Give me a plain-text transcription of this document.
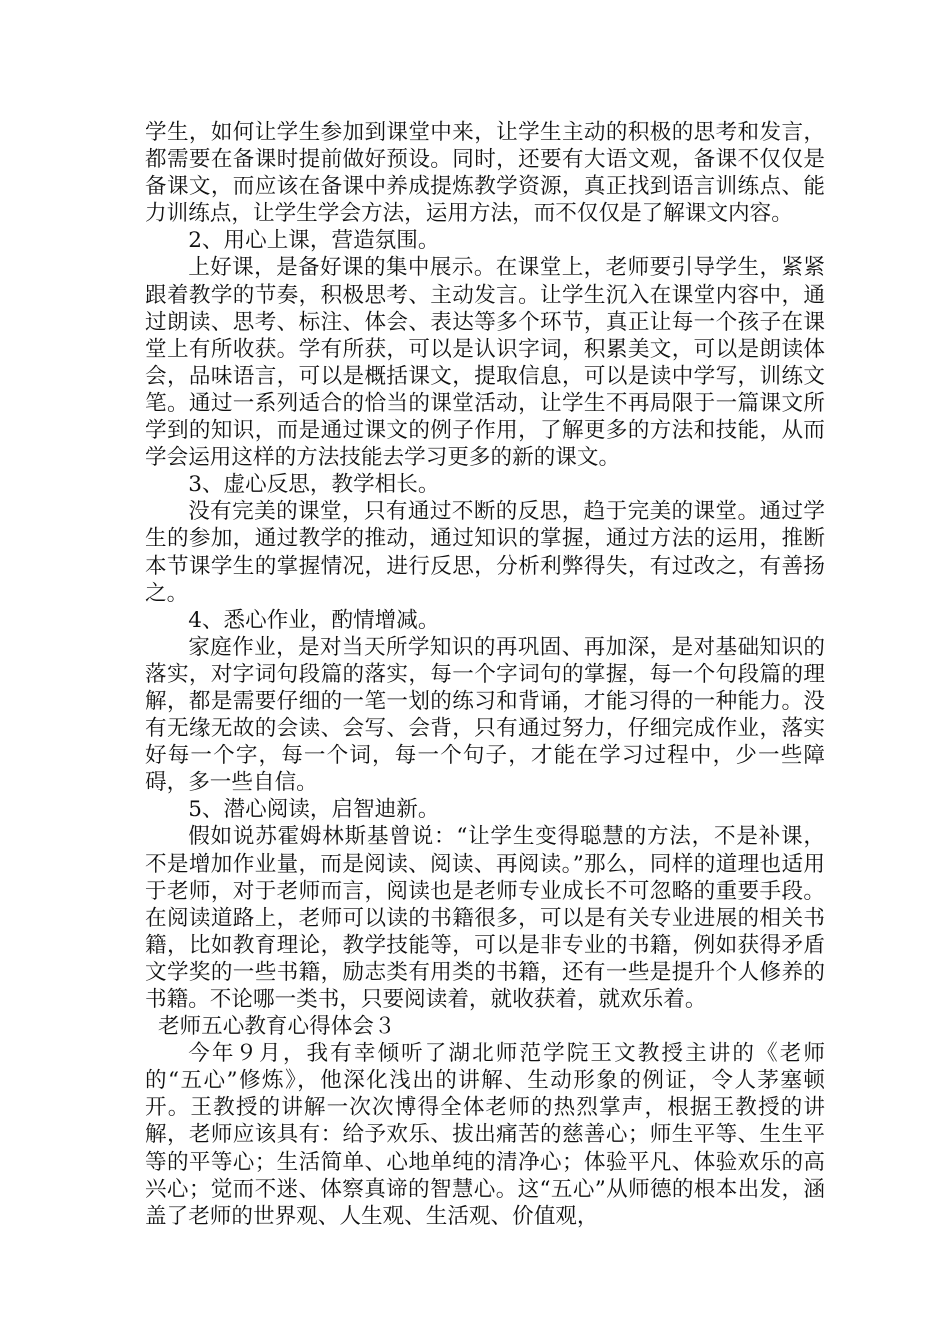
学生，如何让学生参加到课堂中来，让学生主动的积极的思考和发言，都需要在备课时提前做好预设。同时，还要有大语文观，备课不仅仅是备课文，而应该在备课中养成提炼教学资源，真正找到语言训练点、能力训练点，让学生学会方法，运用方法，而不仅仅是了解课文内容。

2、用心上课，营造氛围。

上好课，是备好课的集中展示。在课堂上，老师要引导学生，紧紧跟着教学的节奏，积极思考、主动发言。让学生沉入在课堂内容中，通过朗读、思考、标注、体会、表达等多个环节，真正让每一个孩子在课堂上有所收获。学有所获，可以是认识字词，积累美文，可以是朗读体会，品味语言，可以是概括课文，提取信息，可以是读中学写，训练文笔。通过一系列适合的恰当的课堂活动，让学生不再局限于一篇课文所学到的知识，而是通过课文的例子作用，了解更多的方法和技能，从而学会运用这样的方法技能去学习更多的新的课文。

3、虚心反思，教学相长。

没有完美的课堂，只有通过不断的反思，趋于完美的课堂。通过学生的参加，通过教学的推动，通过知识的掌握，通过方法的运用，推断本节课学生的掌握情况，进行反思，分析利弊得失，有过改之，有善扬之。

4、悉心作业，酌情增减。

家庭作业，是对当天所学知识的再巩固、再加深，是对基础知识的落实，对字词句段篇的落实，每一个字词句的掌握，每一个句段篇的理解，都是需要仔细的一笔一划的练习和背诵，才能习得的一种能力。没有无缘无故的会读、会写、会背，只有通过努力，仔细完成作业，落实好每一个字，每一个词，每一个句子，才能在学习过程中，少一些障碍，多一些自信。

5、潜心阅读，启智迪新。

假如说苏霍姆林斯基曾说：“让学生变得聪慧的方法，不是补课，不是增加作业量，而是阅读、阅读、再阅读。”那么，同样的道理也适用于老师，对于老师而言，阅读也是老师专业成长不可忽略的重要手段。在阅读道路上，老师可以读的书籍很多，可以是有关专业进展的相关书籍，比如教育理论，教学技能等，可以是非专业的书籍，例如获得矛盾文学奖的一些书籍，励志类有用类的书籍，还有一些是提升个人修养的书籍。不论哪一类书，只要阅读着，就收获着，就欢乐着。

老师五心教育心得体会３

今年９月，我有幸倾听了湖北师范学院王文教授主讲的《老师的“五心”修炼》，他深化浅出的讲解、生动形象的例证，令人茅塞顿开。王教授的讲解一次次博得全体老师的热烈掌声，根据王教授的讲解，老师应该具有：给予欢乐、拔出痛苦的慈善心；师生平等、生生平等的平等心；生活简单、心地单纯的清净心；体验平凡、体验欢乐的高兴心；觉而不迷、体察真谛的智慧心。这“五心”从师德的根本出发，涵盖了老师的世界观、人生观、生活观、价值观，
